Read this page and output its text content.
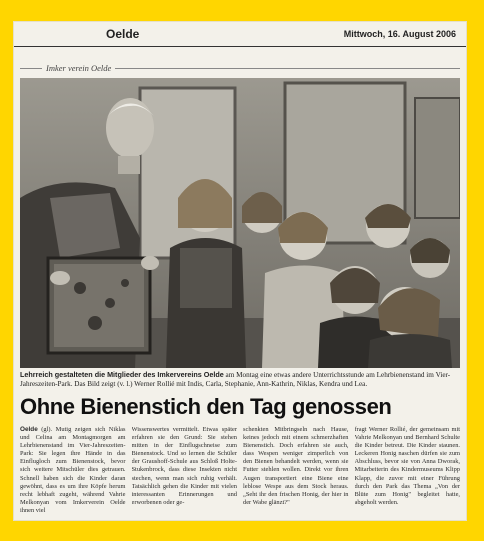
Oelde	Mittwoch, 16. August 2006
Imker verein Oelde
Lehrreich gestalteten die Mitglieder des Imkervereins Oelde am Montag eine etwas andere Unterrichtsstunde am Lehrbienenstand im Vier-Jahreszeiten-Park. Das Bild zeigt (v. l.) Werner Rollié mit Indis, Carla, Stephanie, Ann-Kathrin, Niklas, Kendra und Lea.
Ohne Bienenstich den Tag genossen
Oelde (gl). Mutig zeigen sich Niklas und Celina am Montagmorgen am Lehrbienenstand im Vier-Jahreszeiten-Park: Sie legen ihre Hände in das Einflugloch zum Bienenstock, bevor sich weitere Mitschüler dies getrauen. Schnell haben sich die Kinder daran gewöhnt, dass es um ihre Köpfe herum recht lebhaft zugeht, während Vahrie Melkonyan vom Imkerverein Oelde ihnen viel
Wissenswertes vermittelt. Etwas später erfahren sie den Grund: Sie stehen mitten in der Einflugschneise zum Bienenstock. Und so lernen die Schüler der Graushoff-Schule aus Schloß Holte-Stukenbrock, dass diese Insekten nicht stechen, wenn man sich ruhig verhält. Tatsächlich gehen die Kinder mit vielen interessanten Erinnerungen und erworbenen oder ge-
schenkten Mitbringseln nach Hause, keines jedoch mit einem schmerzhaften Bienenstich. Doch erfahren sie auch, dass Wespen weniger zimperlich von den Bienen behandelt werden, wenn sie Futter stehlen wollen. Direkt vor ihren Augen transportiert eine Biene eine leblose Wespe aus dem Stock heraus. „Seht ihr den frischen Honig, der hier in der Wabe glänzt?"
fragt Werner Rollié, der gemeinsam mit Vahrie Melkonyan und Bernhard Schulte die Kinder betreut. Die Kinder staunen. Leckeren Honig naschen dürfen sie zum Abschluss, bevor sie von Anna Dworak, Mitarbeiterin des Kindermuseums Klipp Klapp, die zuvor mit einer Führung durch den Park das Thema „Von der Blüte zum Honig" begleitet hatte, abgeholt werden.
